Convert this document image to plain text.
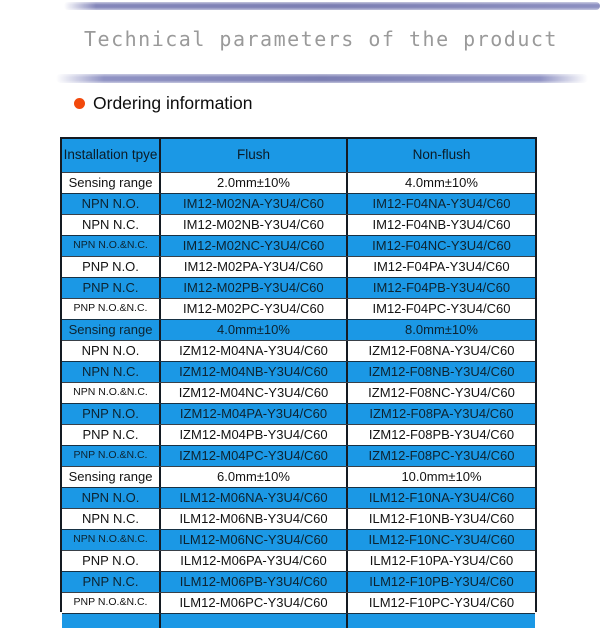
Technical parameters of the product
Ordering information
Installation tpye	Flush	Non-flush
Sensing range	2.0mm±10%	4.0mm±10%
NPN N.O.	IM12-M02NA-Y3U4/C60	IM12-F04NA-Y3U4/C60
NPN N.C.	IM12-M02NB-Y3U4/C60	IM12-F04NB-Y3U4/C60
NPN N.O.&N.C.	IM12-M02NC-Y3U4/C60	IM12-F04NC-Y3U4/C60
PNP N.O.	IM12-M02PA-Y3U4/C60	IM12-F04PA-Y3U4/C60
PNP N.C.	IM12-M02PB-Y3U4/C60	IM12-F04PB-Y3U4/C60
PNP N.O.&N.C.	IM12-M02PC-Y3U4/C60	IM12-F04PC-Y3U4/C60
Sensing range	4.0mm±10%	8.0mm±10%
NPN N.O.	IZM12-M04NA-Y3U4/C60	IZM12-F08NA-Y3U4/C60
NPN N.C.	IZM12-M04NB-Y3U4/C60	IZM12-F08NB-Y3U4/C60
NPN N.O.&N.C.	IZM12-M04NC-Y3U4/C60	IZM12-F08NC-Y3U4/C60
PNP N.O.	IZM12-M04PA-Y3U4/C60	IZM12-F08PA-Y3U4/C60
PNP N.C.	IZM12-M04PB-Y3U4/C60	IZM12-F08PB-Y3U4/C60
PNP N.O.&N.C.	IZM12-M04PC-Y3U4/C60	IZM12-F08PC-Y3U4/C60
Sensing range	6.0mm±10%	10.0mm±10%
NPN N.O.	ILM12-M06NA-Y3U4/C60	ILM12-F10NA-Y3U4/C60
NPN N.C.	ILM12-M06NB-Y3U4/C60	ILM12-F10NB-Y3U4/C60
NPN N.O.&N.C.	ILM12-M06NC-Y3U4/C60	ILM12-F10NC-Y3U4/C60
PNP N.O.	ILM12-M06PA-Y3U4/C60	ILM12-F10PA-Y3U4/C60
PNP N.C.	ILM12-M06PB-Y3U4/C60	ILM12-F10PB-Y3U4/C60
PNP N.O.&N.C.	ILM12-M06PC-Y3U4/C60	ILM12-F10PC-Y3U4/C60
